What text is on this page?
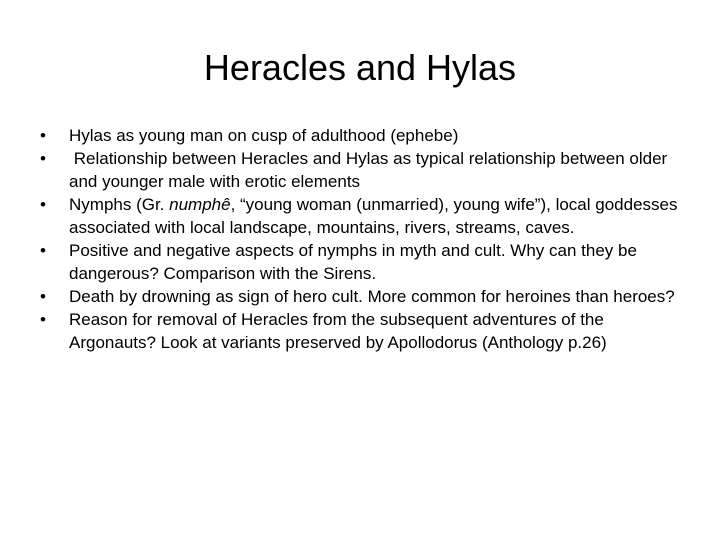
Heracles and Hylas
•	Hylas as young man on cusp of adulthood (ephebe)
•	Relationship between Heracles and Hylas as typical relationship between older and younger male with erotic elements
•	Nymphs (Gr. numphê, “young woman (unmarried), young wife”), local goddesses associated with local landscape, mountains, rivers, streams, caves.
•	Positive and negative aspects of nymphs in myth and cult. Why can they be dangerous? Comparison with the Sirens.
•	Death by drowning as sign of hero cult. More common for heroines than heroes?
•	Reason for removal of Heracles from the subsequent adventures of the Argonauts? Look at variants preserved by Apollodorus (Anthology p.26)
